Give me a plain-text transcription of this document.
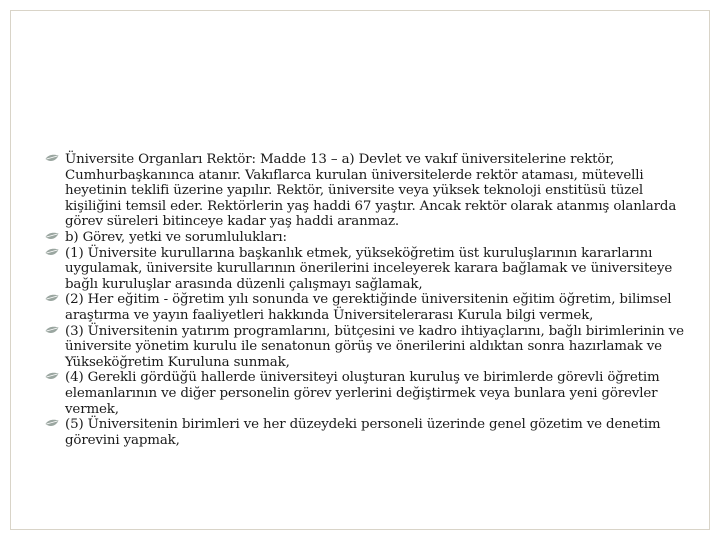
Üniversite Organları Rektör: Madde 13 – a) Devlet ve vakıf üniversitelerine rektör, Cumhurbaşkanınca atanır. Vakıflarca kurulan üniversitelerde rektör ataması, mütevelli heyetinin teklifi üzerine yapılır. Rektör, üniversite veya yüksek teknoloji enstitüsü tüzel kişiliğini temsil eder. Rektörlerin yaş haddi 67 yaştır. Ancak rektör olarak atanmış olanlarda görev süreleri bitinceye kadar yaş haddi aranmaz.
b) Görev, yetki ve sorumlulukları:
(1) Üniversite kurullarına başkanlık etmek, yükseköğretim üst kuruluşlarının kararlarını uygulamak, üniversite kurullarının önerilerini inceleyerek karara bağlamak ve üniversiteye bağlı kuruluşlar arasında düzenli çalışmayı sağlamak,
(2) Her eğitim - öğretim yılı sonunda ve gerektiğinde üniversitenin eğitim öğretim, bilimsel araştırma ve yayın faaliyetleri hakkında Üniversitelerarası Kurula bilgi vermek,
(3) Üniversitenin yatırım programlarını, bütçesini ve kadro ihtiyaçlarını, bağlı birimlerinin ve üniversite yönetim kurulu ile senatonun görüş ve önerilerini aldıktan sonra hazırlamak ve Yükseköğretim Kuruluna sunmak,
(4) Gerekli gördüğü hallerde üniversiteyi oluşturan kuruluş ve birimlerde görevli öğretim elemanlarının ve diğer personelin görev yerlerini değiştirmek veya bunlara yeni görevler vermek,
(5) Üniversitenin birimleri ve her düzeydeki personeli üzerinde genel gözetim ve denetim görevini yapmak,
